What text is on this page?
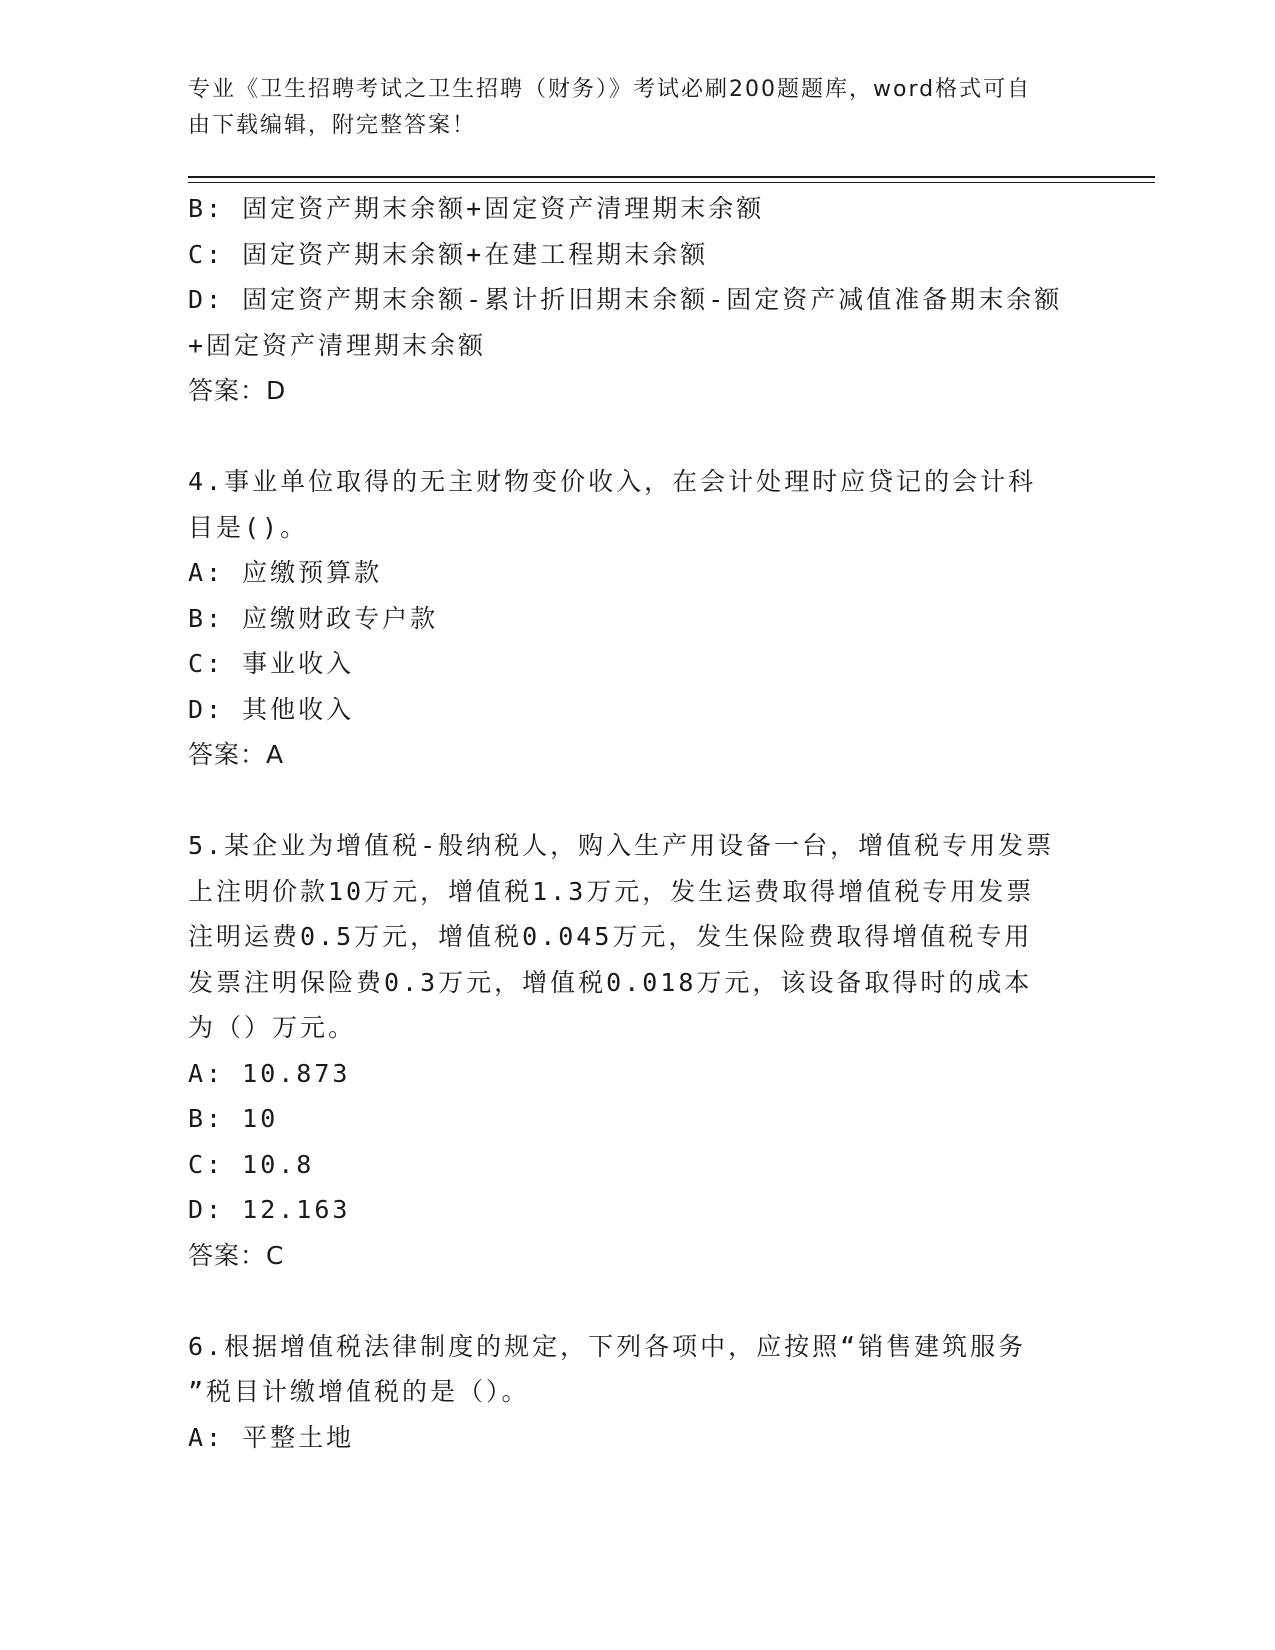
专业《卫生招聘考试之卫生招聘（财务）》考试必刷200题题库，word格式可自
由下载编辑，附完整答案！
B: 固定资产期末余额+固定资产清理期末余额
C: 固定资产期末余额+在建工程期末余额
D: 固定资产期末余额-累计折旧期末余额-固定资产减值准备期末余额
+固定资产清理期末余额
答案：D
4.事业单位取得的无主财物变价收入，在会计处理时应贷记的会计科
目是()。
A: 应缴预算款
B: 应缴财政专户款
C: 事业收入
D: 其他收入
答案：A
5.某企业为增值税-般纳税人，购入生产用设备一台，增值税专用发票
上注明价款10万元，增值税1.3万元，发生运费取得增值税专用发票
注明运费0.5万元，增值税0.045万元，发生保险费取得增值税专用
发票注明保险费0.3万元，增值税0.018万元，该设备取得时的成本
为（）万元。
A: 10.873
B: 10
C: 10.8
D: 12.163
答案：C
6.根据增值税法律制度的规定，下列各项中，应按照“销售建筑服务
”税目计缴增值税的是（）。
A: 平整土地
